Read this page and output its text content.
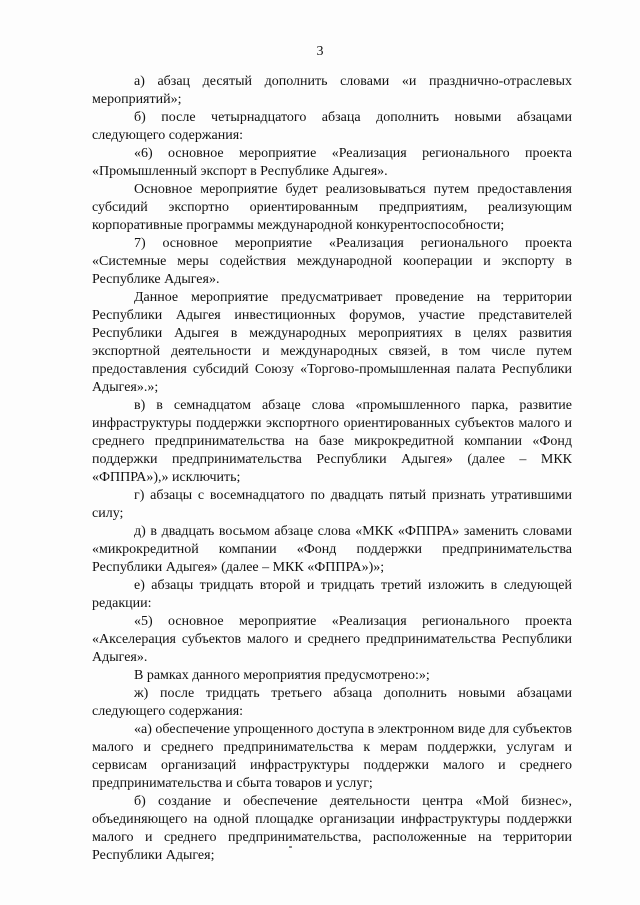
3

а) абзац десятый дополнить словами «и празднично-отраслевых мероприятий»;

б) после четырнадцатого абзаца дополнить новыми абзацами следующего содержания:

«6) основное мероприятие «Реализация регионального проекта «Промышленный экспорт в Республике Адыгея».

Основное мероприятие будет реализовываться путем предоставления субсидий экспортно ориентированным предприятиям, реализующим корпоративные программы международной конкурентоспособности;

7) основное мероприятие «Реализация регионального проекта «Системные меры содействия международной кооперации и экспорту в Республике Адыгея».

Данное мероприятие предусматривает проведение на территории Республики Адыгея инвестиционных форумов, участие представителей Республики Адыгея в международных мероприятиях в целях развития экспортной деятельности и международных связей, в том числе путем предоставления субсидий Союзу «Торгово-промышленная палата Республики Адыгея».»;

в) в семнадцатом абзаце слова «промышленного парка, развитие инфраструктуры поддержки экспортного ориентированных субъектов малого и среднего предпринимательства на базе микрокредитной компании «Фонд поддержки предпринимательства Республики Адыгея» (далее – МКК «ФППРА»),» исключить;

г) абзацы с восемнадцатого по двадцать пятый признать утратившими силу;

д) в двадцать восьмом абзаце слова «МКК «ФППРА» заменить словами «микрокредитной компании «Фонд поддержки предпринимательства Республики Адыгея» (далее – МКК «ФППРА»)»;

е) абзацы тридцать второй и тридцать третий изложить в следующей редакции:

«5) основное мероприятие «Реализация регионального проекта «Акселерация субъектов малого и среднего предпринимательства Республики Адыгея».

В рамках данного мероприятия предусмотрено:»;

ж) после тридцать третьего абзаца дополнить новыми абзацами следующего содержания:

«а) обеспечение упрощенного доступа в электронном виде для субъектов малого и среднего предпринимательства к мерам поддержки, услугам и сервисам организаций инфраструктуры поддержки малого и среднего предпринимательства и сбыта товаров и услуг;

б) создание и обеспечение деятельности центра «Мой бизнес», объединяющего на одной площадке организации инфраструктуры поддержки малого и среднего предпринимательства, расположенные на территории Республики Адыгея;
